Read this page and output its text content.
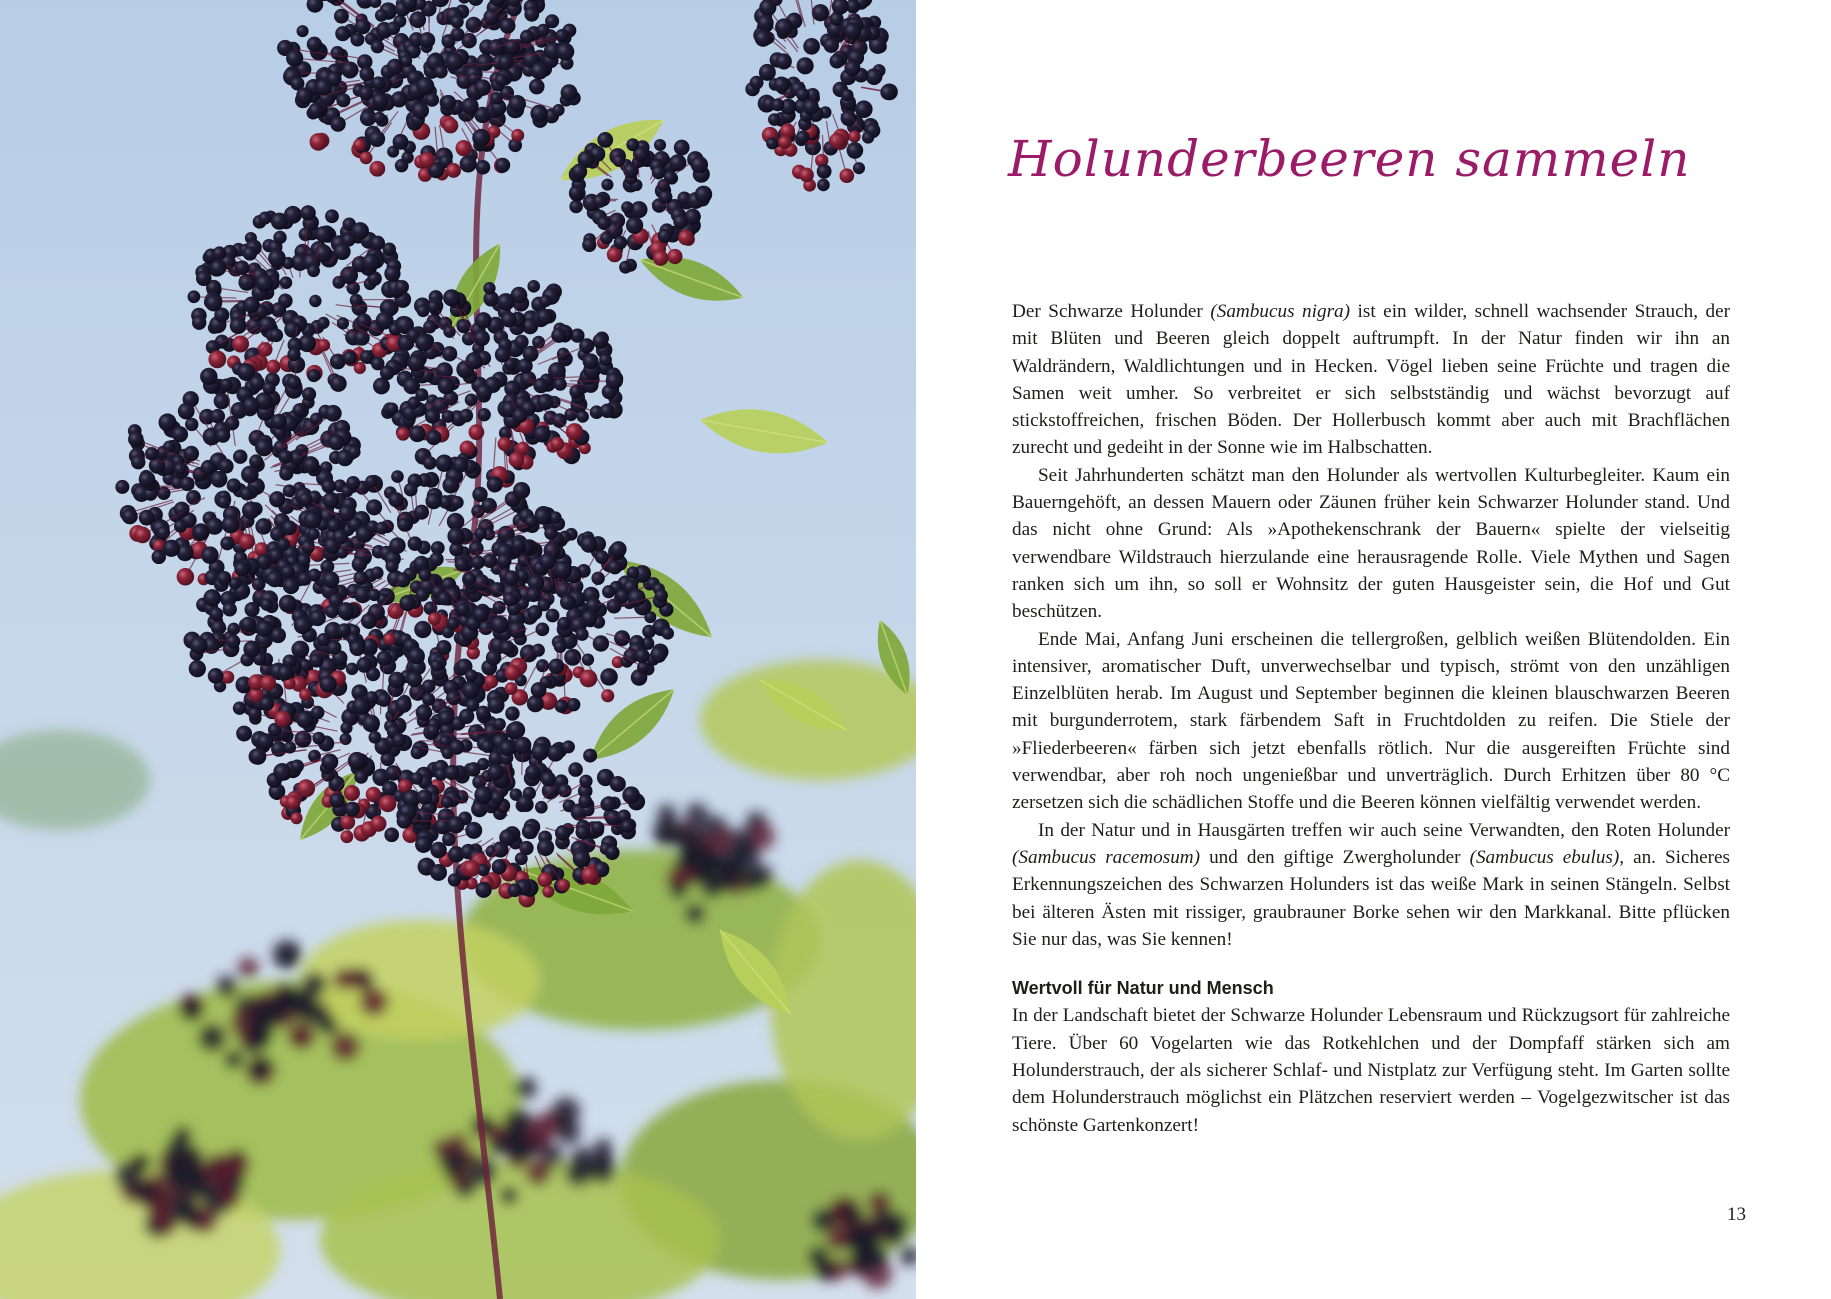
Holunderbeeren sammeln

Der Schwarze Holunder (Sambucus nigra) ist ein wilder, schnell wachsender Strauch, der mit Blüten und Beeren gleich doppelt auftrumpft. In der Natur finden wir ihn an Waldrändern, Waldlichtungen und in Hecken. Vögel lieben seine Früchte und tragen die Samen weit umher. So verbreitet er sich selbstständig und wächst bevorzugt auf stickstoffreichen, frischen Böden. Der Hollerbusch kommt aber auch mit Brachflächen zurecht und gedeiht in der Sonne wie im Halbschatten.

Seit Jahrhunderten schätzt man den Holunder als wertvollen Kulturbegleiter. Kaum ein Bauerngehöft, an dessen Mauern oder Zäunen früher kein Schwarzer Holunder stand. Und das nicht ohne Grund: Als »Apothekenschrank der Bauern« spielte der vielseitig verwendbare Wildstrauch hierzulande eine herausragende Rolle. Viele Mythen und Sagen ranken sich um ihn, so soll er Wohnsitz der guten Hausgeister sein, die Hof und Gut beschützen.

Ende Mai, Anfang Juni erscheinen die tellergroßen, gelblich weißen Blütendolden. Ein intensiver, aromatischer Duft, unverwechselbar und typisch, strömt von den unzähligen Einzelblüten herab. Im August und September beginnen die kleinen blauschwarzen Beeren mit burgunderrotem, stark färbendem Saft in Fruchtdolden zu reifen. Die Stiele der »Fliederbeeren« färben sich jetzt ebenfalls rötlich. Nur die ausgereiften Früchte sind verwendbar, aber roh noch ungenießbar und unverträglich. Durch Erhitzen über 80 °C zersetzen sich die schädlichen Stoffe und die Beeren können vielfältig verwendet werden.

In der Natur und in Hausgärten treffen wir auch seine Verwandten, den Roten Holunder (Sambucus racemosum) und den giftige Zwergholunder (Sambucus ebulus), an. Sicheres Erkennungszeichen des Schwarzen Holunders ist das weiße Mark in seinen Stängeln. Selbst bei älteren Ästen mit rissiger, graubrauner Borke sehen wir den Markkanal. Bitte pflücken Sie nur das, was Sie kennen!

Wertvoll für Natur und Mensch

In der Landschaft bietet der Schwarze Holunder Lebensraum und Rückzugsort für zahlreiche Tiere. Über 60 Vogelarten wie das Rotkehlchen und der Dompfaff stärken sich am Holunderstrauch, der als sicherer Schlaf- und Nistplatz zur Verfügung steht. Im Garten sollte dem Holunderstrauch möglichst ein Plätzchen reserviert werden – Vogelgezwitscher ist das schönste Gartenkonzert!

13
